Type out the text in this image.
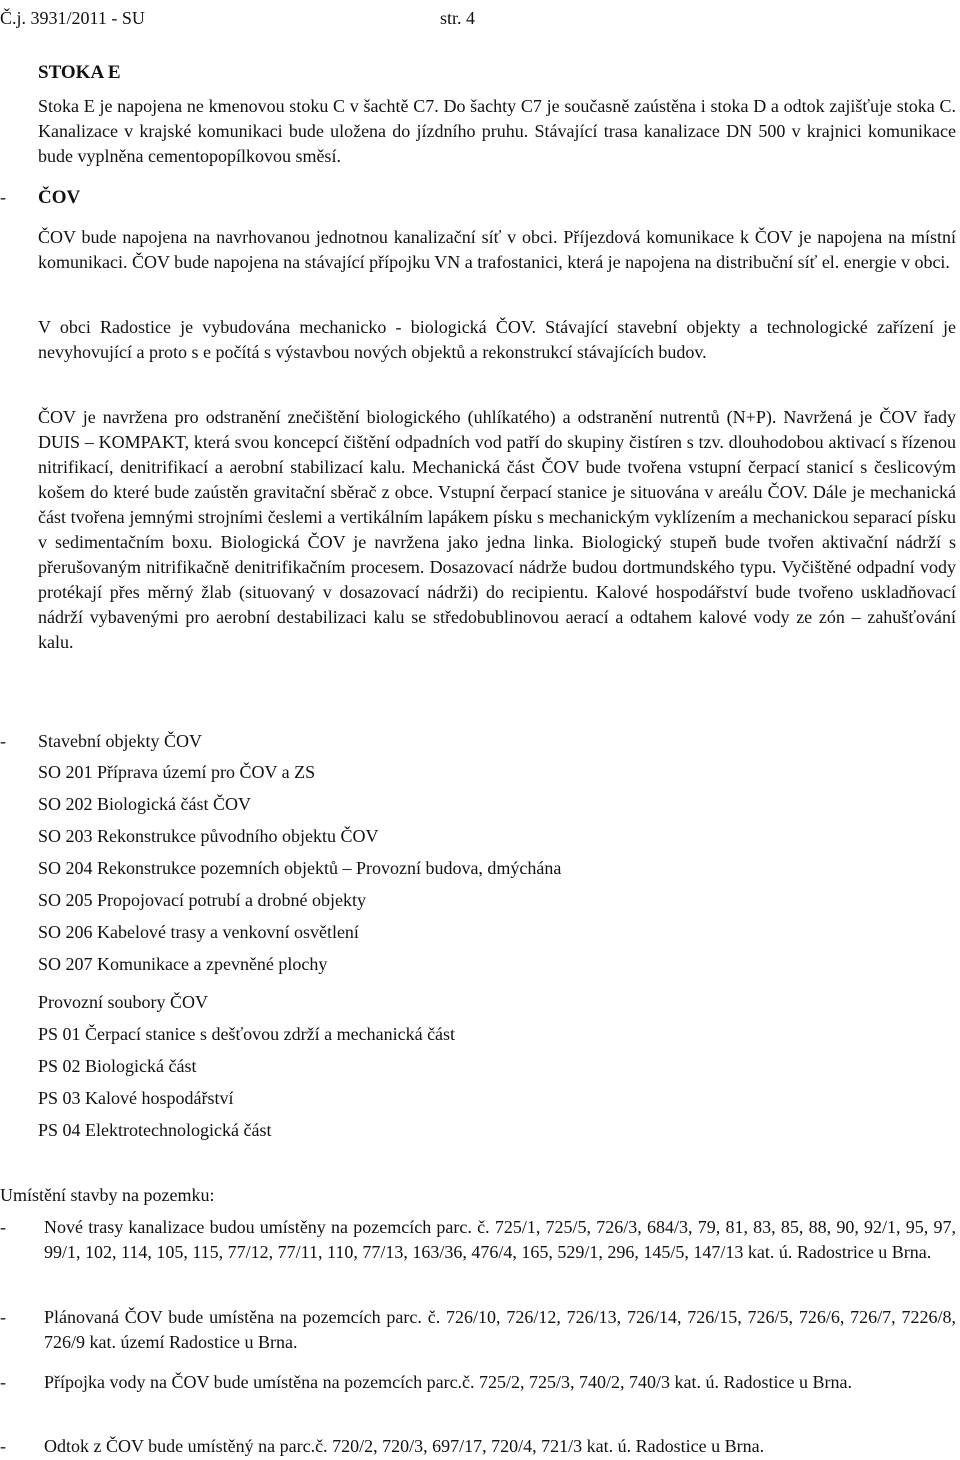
Č.j. 3931/2011 - SU	str. 4
STOKA E

Stoka E je napojena ne kmenovou stoku C v šachtě C7. Do šachty C7 je současně zaústěna i stoka D a odtok zajišťuje stoka C. Kanalizace v krajské komunikaci bude uložena do jízdního pruhu. Stávající trasa kanalizace DN 500 v krajnici komunikace bude vyplněna cementopopílkovou směsí.

- ČOV

ČOV bude napojena na navrhovanou jednotnou kanalizační síť v obci. Příjezdová komunikace k ČOV je napojena na místní komunikaci. ČOV bude napojena na stávající přípojku VN a trafostanici, která je napojena na distribuční síť el. energie v obci.

V obci Radostice je vybudována mechanicko - biologická ČOV. Stávající stavební objekty a technologické zařízení je nevyhovující a proto s e počítá s výstavbou nových objektů a rekonstrukcí stávajících budov.

ČOV je navržena pro odstranění znečištění biologického (uhlíkatého) a odstranění nutrentů (N+P). Navržená je ČOV řady DUIS – KOMPAKT, která svou koncepcí čištění odpadních vod patří do skupiny čistíren s tzv. dlouhodobou aktivací s řízenou nitrifikací, denitrifikací a aerobní stabilizací kalu. Mechanická část ČOV bude tvořena vstupní čerpací stanicí s česlicovým košem do které bude zaústěn gravitační sběrač z obce. Vstupní čerpací stanice je situována v areálu ČOV. Dále je mechanická část tvořena jemnými strojními česlemi a vertikálním lapákem písku s mechanickým vyklízením a mechanickou separací písku v sedimentačním boxu. Biologická ČOV je navržena jako jedna linka. Biologický stupeň bude tvořen aktivační nádrží s přerušovaným nitrifikačně denitrifikačním procesem. Dosazovací nádrže budou dortmundského typu. Vyčištěné odpadní vody protékají přes měrný žlab (situovaný v dosazovací nádrži) do recipientu. Kalové hospodářství bude tvořeno uskladňovací nádrží vybavenými pro aerobní destabilizaci kalu se středobublinovou aerací a odtahem kalové vody ze zón – zahušťování kalu.

- Stavební objekty ČOV
SO 201 Příprava území pro ČOV a ZS
SO 202 Biologická část ČOV
SO 203 Rekonstrukce původního objektu ČOV
SO 204 Rekonstrukce pozemních objektů – Provozní budova, dmýchána
SO 205 Propojovací potrubí a drobné objekty
SO 206 Kabelové trasy a venkovní osvětlení
SO 207 Komunikace a zpevněné plochy
Provozní soubory ČOV
PS 01 Čerpací stanice s dešťovou zdrží a mechanická část
PS 02 Biologická část
PS 03 Kalové hospodářství
PS 04 Elektrotechnologická část
Umístění stavby na pozemku:
- Nové trasy kanalizace budou umístěny na pozemcích parc. č. 725/1, 725/5, 726/3, 684/3, 79, 81, 83, 85, 88, 90, 92/1, 95, 97, 99/1, 102, 114, 105, 115, 77/12, 77/11, 110, 77/13, 163/36, 476/4, 165, 529/1, 296, 145/5, 147/13 kat. ú. Radostrice u Brna.

- Plánovaná ČOV bude umístěna na pozemcích parc. č. 726/10, 726/12, 726/13, 726/14, 726/15, 726/5, 726/6, 726/7, 7226/8, 726/9 kat. území Radostice u Brna.

- Přípojka vody na ČOV bude umístěna na pozemcích parc.č. 725/2, 725/3, 740/2, 740/3 kat. ú. Radostice u Brna.

- Odtok z ČOV bude umístěný na parc.č. 720/2, 720/3, 697/17, 720/4, 721/3 kat. ú. Radostice u Brna.
